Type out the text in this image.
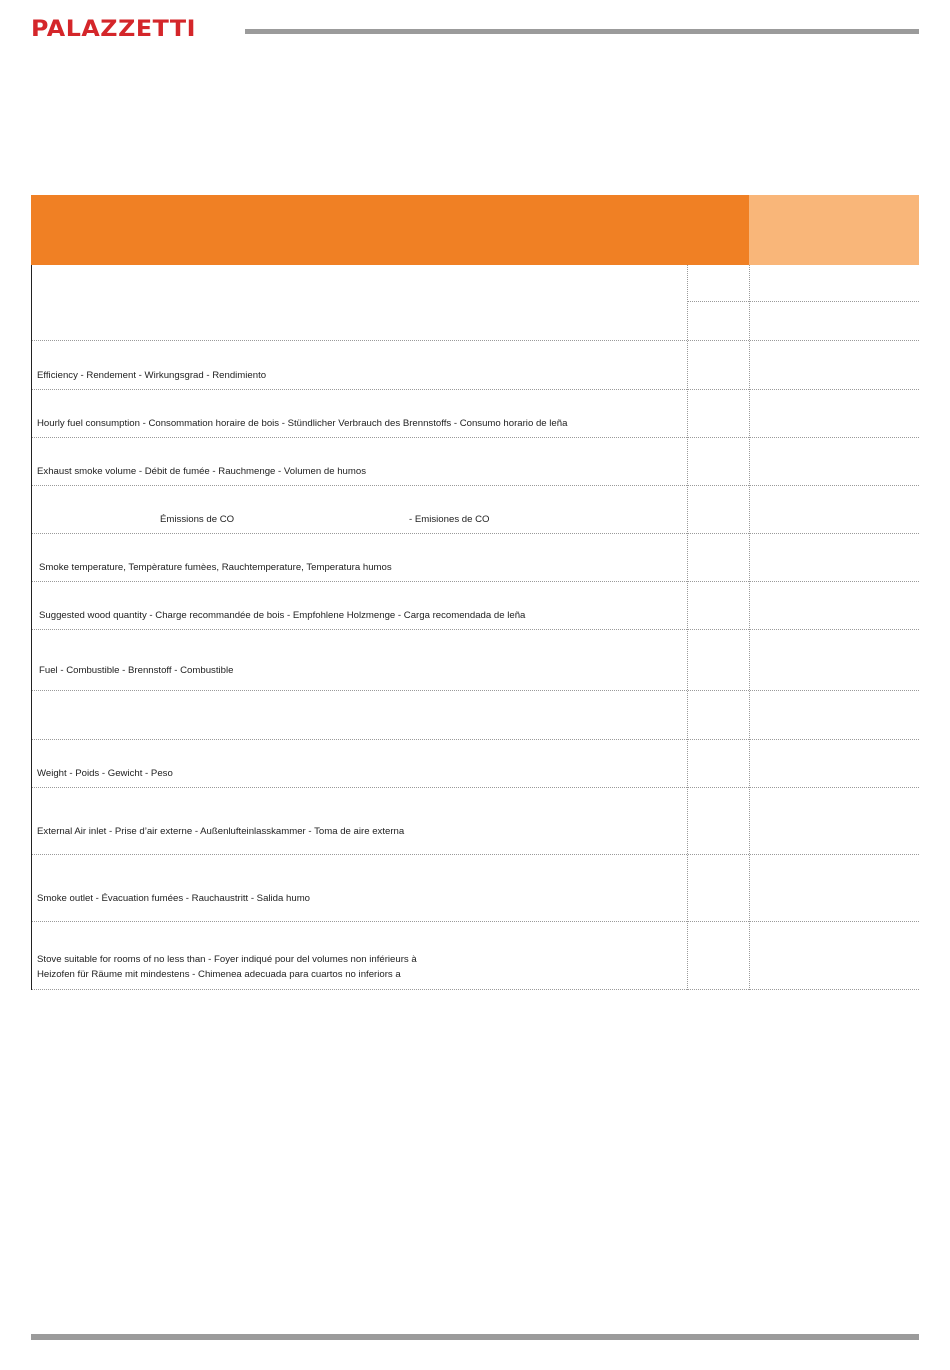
PALAZZETTI
Efficiency - Rendement - Wirkungsgrad - Rendimiento
Hourly fuel consumption - Consommation horaire de bois - Stündlicher Verbrauch des Brennstoffs - Consumo horario de leña
Exhaust smoke volume - Débit de fumée - Rauchmenge - Volumen de humos
Émissions de CO	- Emisiones de CO
Smoke temperature, Tempèrature fumèes, Rauchtemperature, Temperatura humos
Suggested wood quantity - Charge recommandée de bois - Empfohlene Holzmenge - Carga recomendada de leña
Fuel - Combustible - Brennstoff - Combustible
Weight - Poids - Gewicht - Peso
External Air inlet - Prise d’air externe - Außenlufteinlasskammer - Toma de aire externa
Smoke outlet - Évacuation fumées - Rauchaustritt - Salida humo
Stove suitable for rooms of no less than - Foyer indiqué pour del volumes non inférieurs à
Heizofen für Räume mit mindestens - Chimenea adecuada para cuartos no inferiors a
